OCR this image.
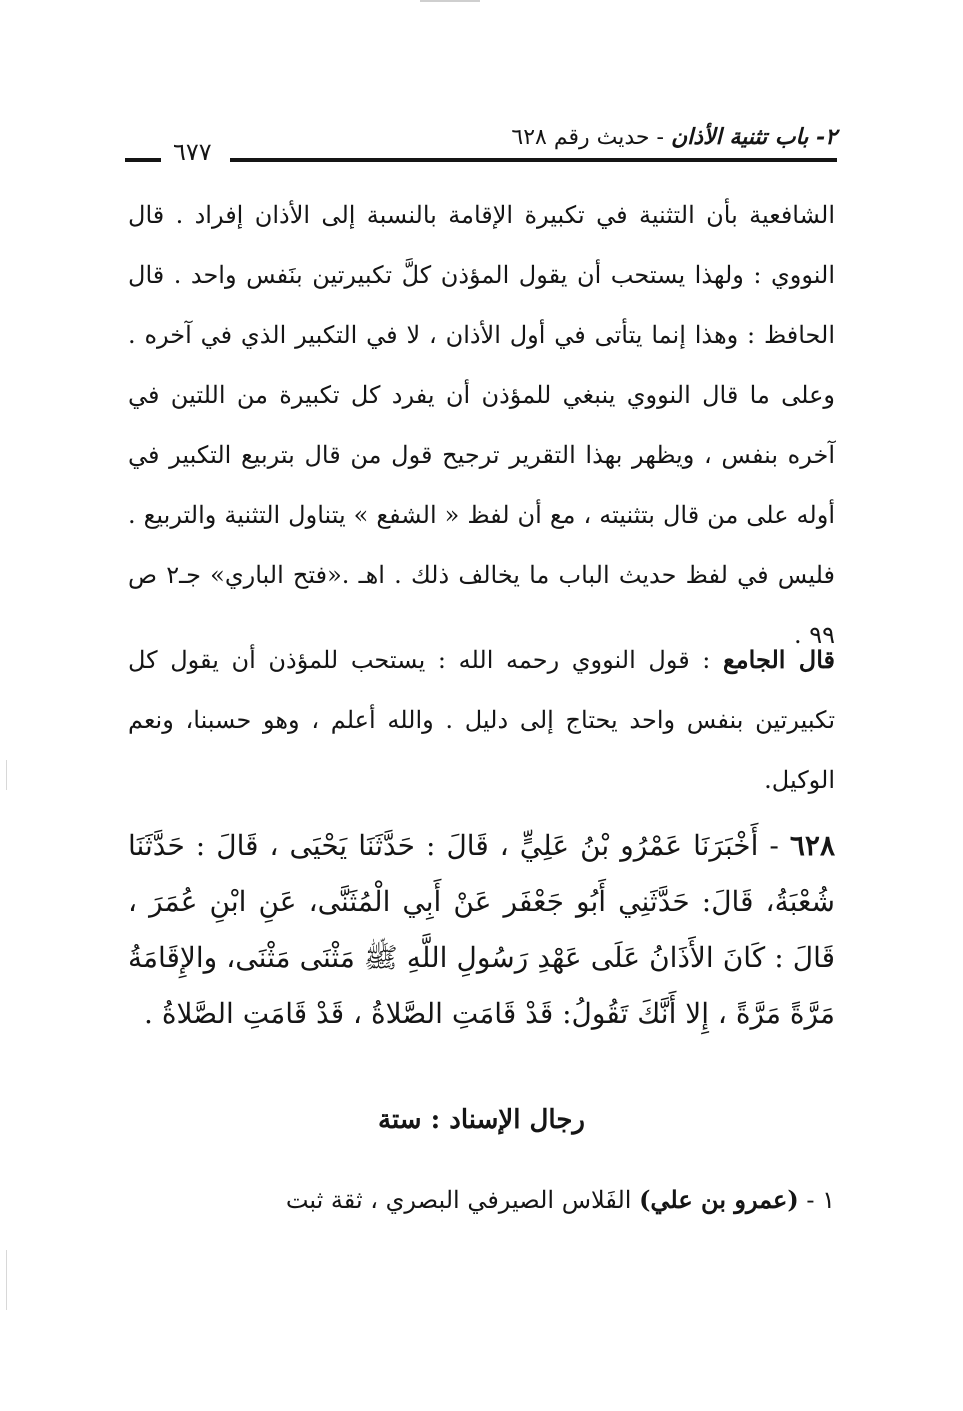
٢- باب تثنية الأذان - حديث رقم ٦٢٨
٦٧٧
الشافعية بأن التثنية في تكبيرة الإقامة بالنسبة إلى الأذان إفراد . قال النووي : ولهذا يستحب أن يقول المؤذن كلَّ تكبيرتين بنَفس واحد . قال الحافظ : وهذا إنما يتأتى في أول الأذان ، لا في التكبير الذي في آخره . وعلى ما قال النووي ينبغي للمؤذن أن يفرد كل تكبيرة من اللتين في آخره بنفس ، ويظهر بهذا التقرير ترجيح قول من قال بتربيع التكبير في أوله على من قال بتثنيته ، مع أن لفظ « الشفع » يتناول التثنية والتربيع . فليس في لفظ حديث الباب ما يخالف ذلك . اهـ .«فتح الباري» جـ٢ ص ٩٩ .
قال الجامع : قول النووي رحمه الله : يستحب للمؤذن أن يقول كل تكبيرتين بنفس واحد يحتاج إلى دليل . والله أعلم ، وهو حسبنا، ونعم الوكيل.
٦٢٨ - أَخْبَرَنَا عَمْرُو بْنُ عَلِيٍّ ، قَالَ : حَدَّثَنَا يَحْيَى ، قَالَ : حَدَّثَنَا شُعْبَةُ، قَالَ: حَدَّثَنِي أَبُو جَعْفَر عَنْ أَبِي الْمُثَنَّى، عَنِ ابْنِ عُمَرَ ، قَالَ : كَانَ الأَذَانُ عَلَى عَهْدِ رَسُولِ اللَّهِ ﷺ مَثْنَى مَثْنَى، والإِقَامَةُ مَرَّةً مَرَّةً ، إِلا أَنَّكَ تَقُولُ: قَدْ قَامَتِ الصَّلاةُ ، قَدْ قَامَتِ الصَّلاةُ .
رجال الإسناد : ستة
١ - (عمرو بن علي) الفَلاس الصيرفي البصري ، ثقة ثبت
